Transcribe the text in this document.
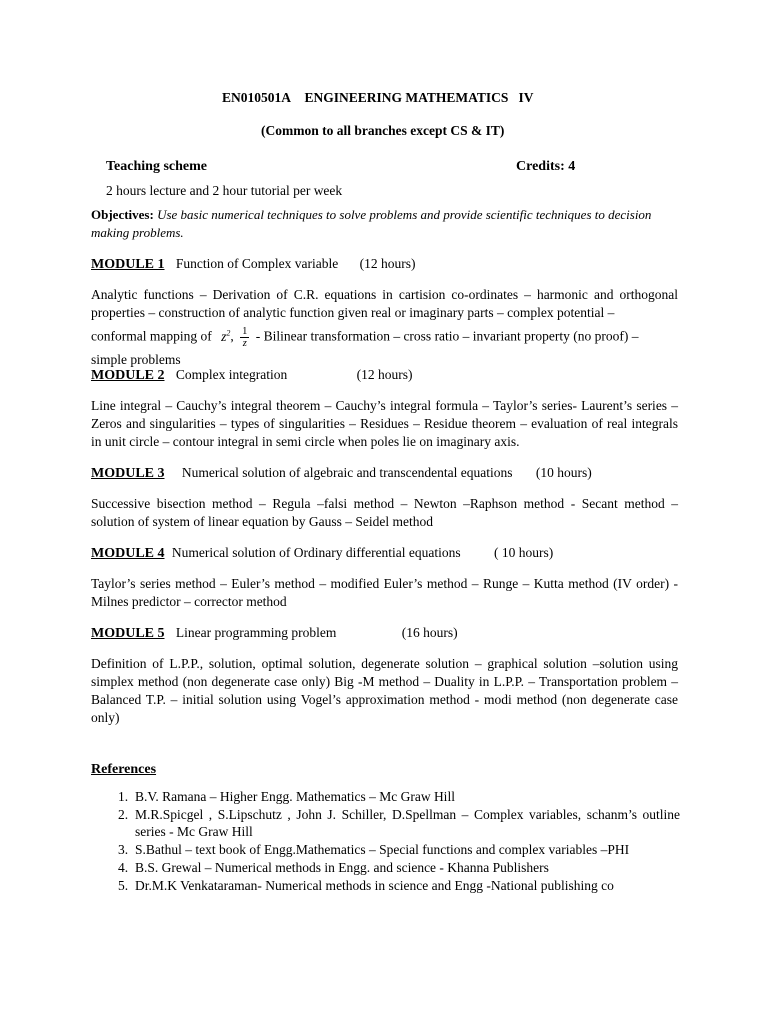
EN010501A ENGINEERING MATHEMATICS   IV
(Common to all branches except CS & IT)
Teaching scheme	Credits: 4
2 hours lecture and 2 hour tutorial per week
Objectives: Use basic numerical techniques to solve problems and provide scientific techniques to decision making problems.
MODULE 1 Function of Complex variable (12 hours)
Analytic functions – Derivation of C.R. equations in cartision co-ordinates – harmonic and orthogonal properties – construction of analytic function given real or imaginary parts – complex potential –
conformal mapping of $z^2$, $\frac{1}{z}$ - Bilinear transformation – cross ratio – invariant property (no proof) –
simple problems
MODULE 2 Complex integration	(12 hours)
Line integral – Cauchy’s integral theorem – Cauchy’s integral formula – Taylor’s series- Laurent’s series – Zeros and singularities – types of singularities – Residues – Residue theorem – evaluation of real integrals in unit circle – contour integral in semi circle when poles lie on imaginary axis.
MODULE 3 Numerical solution of algebraic and transcendental equations (10 hours)
Successive bisection method – Regula –falsi method – Newton –Raphson method - Secant method – solution of system of linear equation by Gauss – Seidel method
MODULE 4 Numerical solution of Ordinary differential equations ( 10 hours)
Taylor’s series method – Euler’s method – modified Euler’s method – Runge – Kutta method (IV order) - Milnes predictor – corrector method
MODULE 5 Linear programming problem	(16 hours)
Definition of L.P.P., solution, optimal solution, degenerate solution – graphical solution –solution using simplex method (non degenerate case only) Big -M method – Duality in L.P.P. – Transportation problem –Balanced T.P. – initial solution using Vogel’s approximation method - modi method (non degenerate case only)
References
1. B.V. Ramana – Higher Engg. Mathematics – Mc Graw Hill
2. M.R.Spicgel , S.Lipschutz , John J. Schiller, D.Spellman – Complex variables, schanm’s outline series - Mc Graw Hill
3. S.Bathul – text book of Engg.Mathematics – Special functions and complex variables –PHI
4. B.S. Grewal – Numerical methods in Engg. and science - Khanna Publishers
5. Dr.M.K Venkataraman- Numerical methods in science and Engg -National publishing co
